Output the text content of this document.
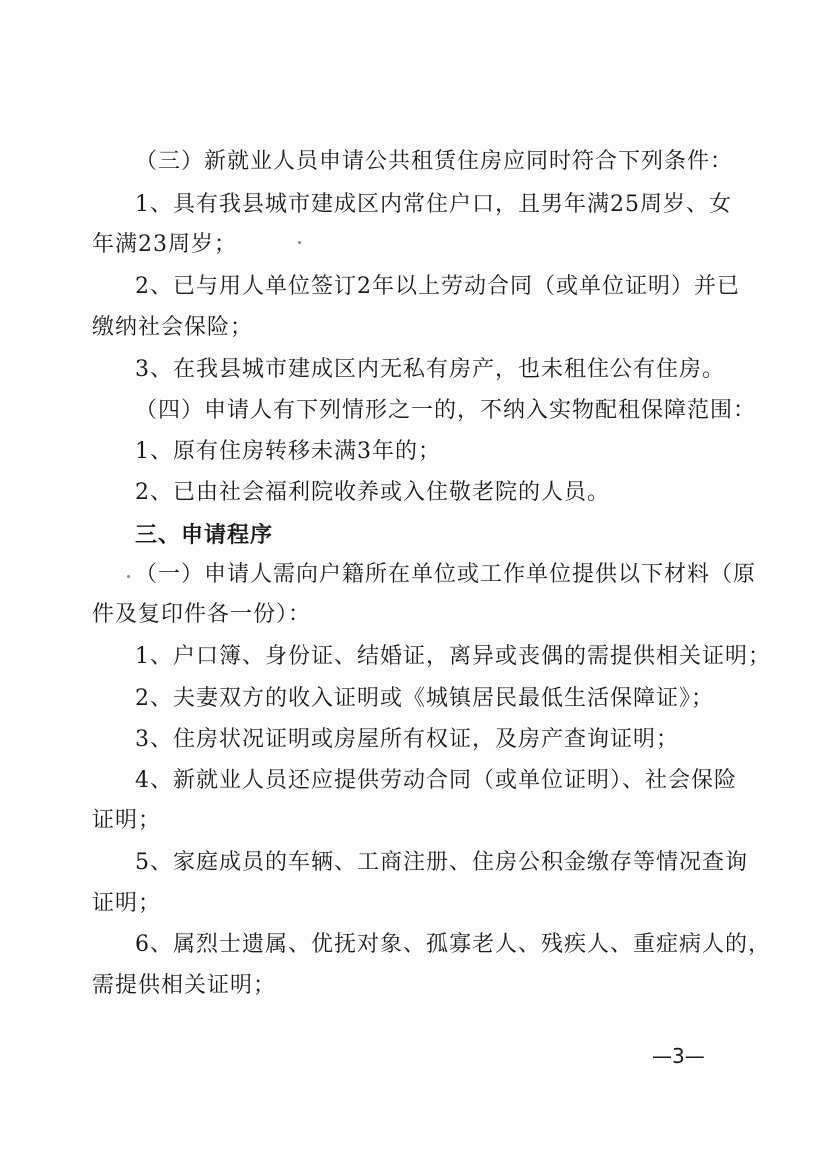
（三）新就业人员申请公共租赁住房应同时符合下列条件：
1、具有我县城市建成区内常住户口，且男年满25周岁、女
年满23周岁；
2、已与用人单位签订2年以上劳动合同（或单位证明）并已
缴纳社会保险；
3、在我县城市建成区内无私有房产，也未租住公有住房。
（四）申请人有下列情形之一的，不纳入实物配租保障范围：
1、原有住房转移未满3年的；
2、已由社会福利院收养或入住敬老院的人员。
三、申请程序
（一）申请人需向户籍所在单位或工作单位提供以下材料（原
件及复印件各一份）：
1、户口簿、身份证、结婚证，离异或丧偶的需提供相关证明；
2、夫妻双方的收入证明或《城镇居民最低生活保障证》；
3、住房状况证明或房屋所有权证，及房产查询证明；
4、新就业人员还应提供劳动合同（或单位证明）、社会保险
证明；
5、家庭成员的车辆、工商注册、住房公积金缴存等情况查询
证明；
6、属烈士遗属、优抚对象、孤寡老人、残疾人、重症病人的，
需提供相关证明；
—3—
